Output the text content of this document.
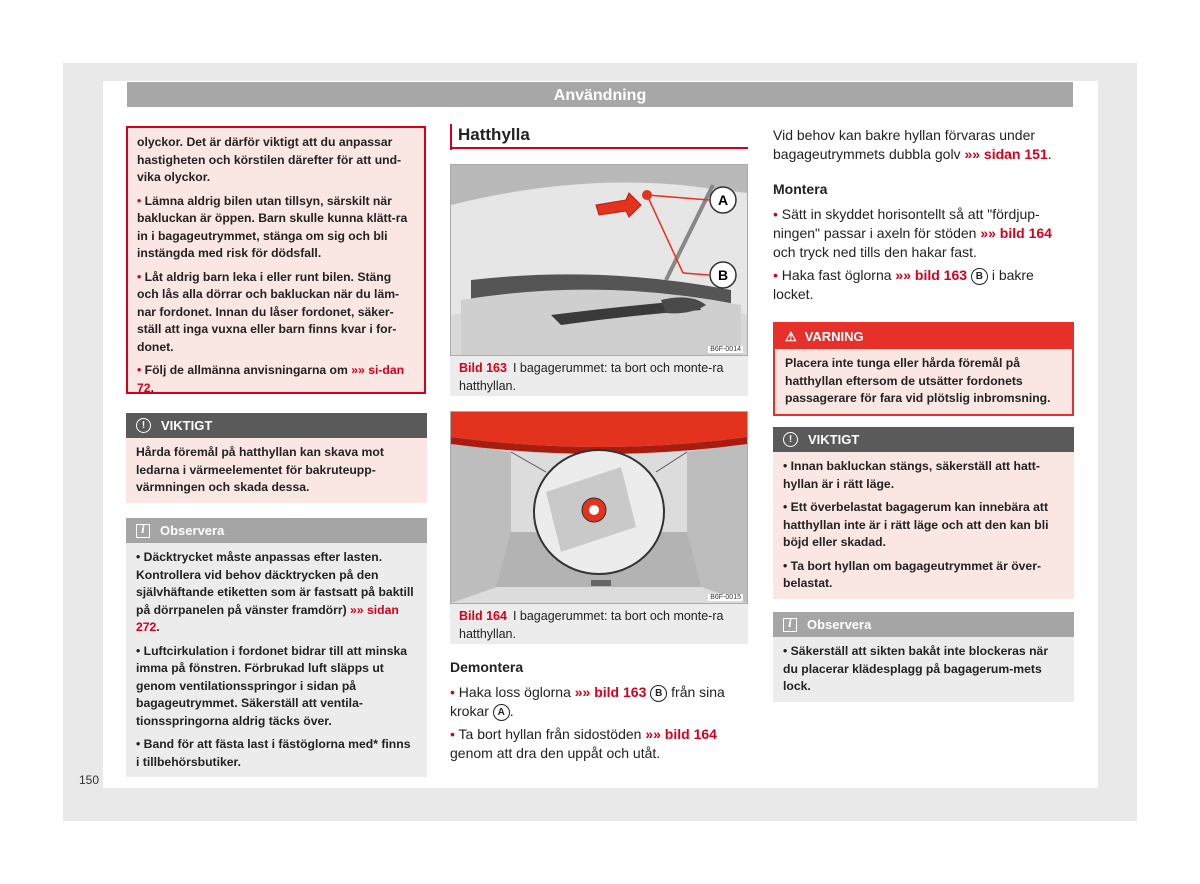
Användning

olyckor. Det är därför viktigt att du anpassar hastigheten och körstilen därefter för att und-vika olyckor.

• Lämna aldrig bilen utan tillsyn, särskilt när bakluckan är öppen. Barn skulle kunna klätt-ra in i bagageutrymmet, stänga om sig och bli instängda med risk för dödsfall.

• Låt aldrig barn leka i eller runt bilen. Stäng och lås alla dörrar och bakluckan när du läm-nar fordonet. Innan du låser fordonet, säker-ställ att inga vuxna eller barn finns kvar i for-donet.

• Följ de allmänna anvisningarna om »» si-dan 72.

!	VIKTIGT
Hårda föremål på hatthyllan kan skava mot ledarna i värmeelementet för bakruteupp-värmningen och skada dessa.
i	Observera

• Däcktrycket måste anpassas efter lasten. Kontrollera vid behov däcktrycken på den självhäftande etiketten som är fastsatt på baktill på dörrpanelen på vänster framdörr) »» sidan 272.

• Luftcirkulation i fordonet bidrar till att minska imma på fönstren. Förbrukad luft släpps ut genom ventilationsspringor i sidan på bagageutrymmet. Säkerställ att ventila-tionsspringorna aldrig täcks över.

• Band för att fästa last i fästöglorna med* finns i tillbehörsbutiker.

150
Hatthylla
A
B
B6F-0014
Bild 163 I bagagerummet: ta bort och monte-ra hatthyllan.
B6F-0015
Bild 164 I bagagerummet: ta bort och monte-ra hatthyllan.

Demontera

• Haka loss öglorna »» bild 163 B från sina krokar A .

• Ta bort hyllan från sidostöden »» bild 164 genom att dra den uppåt och utåt.

Vid behov kan bakre hyllan förvaras under bagageutrymmets dubbla golv »» sidan 151.

Montera

• Sätt in skyddet horisontellt så att "fördjup-ningen" passar i axeln för stöden »» bild 164 och tryck ned tills den hakar fast.

• Haka fast öglorna »» bild 163 B i bakre locket.

⚠ VARNING
Placera inte tunga eller hårda föremål på hatthyllan eftersom de utsätter fordonets passagerare för fara vid plötslig inbromsning.
!	VIKTIGT

• Innan bakluckan stängs, säkerställ att hatt-hyllan är i rätt läge.

• Ett överbelastat bagagerum kan innebära att hatthyllan inte är i rätt läge och att den kan bli böjd eller skadad.

• Ta bort hyllan om bagageutrymmet är över-belastat.

i	Observera

• Säkerställ att sikten bakåt inte blockeras när du placerar klädesplagg på bagagerum-mets lock.
